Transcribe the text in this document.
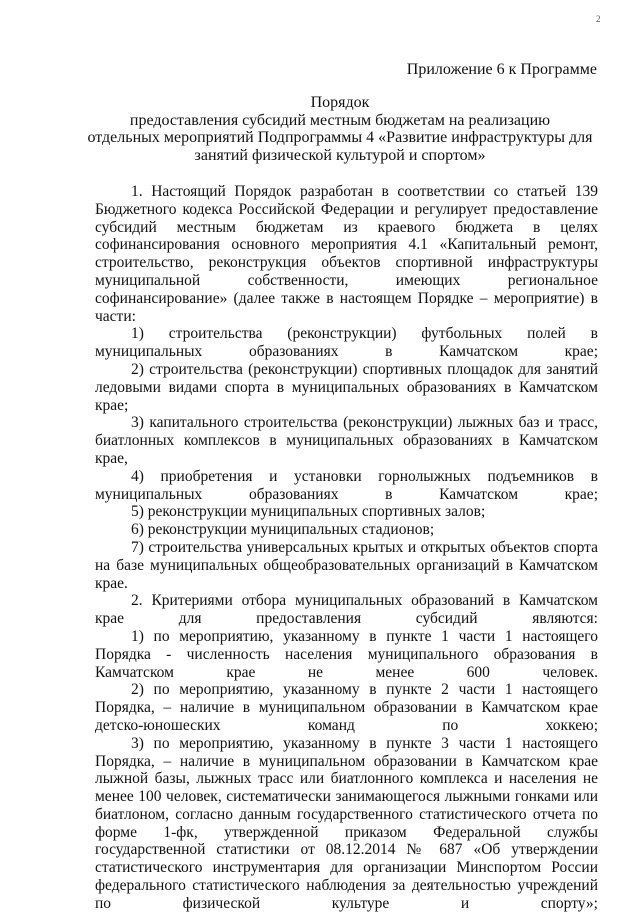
2
Приложение 6 к Программе
Порядок
предоставления субсидий местным бюджетам на реализацию
отдельных мероприятий Подпрограммы 4 «Развитие инфраструктуры для
занятий физической культурой и спортом»

1. Настоящий Порядок разработан в соответствии со статьей 139 Бюджетного кодекса Российской Федерации и регулирует предоставление субсидий местным бюджетам из краевого бюджета в целях софинансирования основного мероприятия 4.1 «Капитальный ремонт, строительство, реконструкция объектов спортивной инфраструктуры муниципальной собственности, имеющих региональное софинансирование» (далее также в настоящем Порядке – мероприятие) в части:

1) строительства (реконструкции) футбольных полей в муниципальных образованиях в Камчатском крае;

2) строительства (реконструкции) спортивных площадок для занятий ледовыми видами спорта в муниципальных образованиях в Камчатском крае;

3) капитального строительства (реконструкции) лыжных баз и трасс, биатлонных комплексов в муниципальных образованиях в Камчатском крае,

4) приобретения и установки горнолыжных подъемников в муниципальных образованиях в Камчатском крае;

5) реконструкции муниципальных спортивных залов;

6) реконструкции муниципальных стадионов;

7) строительства универсальных крытых и открытых объектов спорта на базе муниципальных общеобразовательных организаций в Камчатском крае.

2. Критериями отбора муниципальных образований в Камчатском крае для предоставления субсидий являются:

1) по мероприятию, указанному в пункте 1 части 1 настоящего Порядка - численность населения муниципального образования в Камчатском крае не менее 600 человек.

2) по мероприятию, указанному в пункте 2 части 1 настоящего Порядка, – наличие в муниципальном образовании в Камчатском крае детско-юношеских команд по хоккею;

3) по мероприятию, указанному в пункте 3 части 1 настоящего Порядка, – наличие в муниципальном образовании в Камчатском крае лыжной базы, лыжных трасс или биатлонного комплекса и населения не менее 100 человек, систематически занимающегося лыжными гонками или биатлоном, согласно данным государственного статистического отчета по форме 1-фк, утвержденной приказом Федеральной службы государственной статистики от 08.12.2014 № 687 «Об утверждении статистического инструментария для организации Минспортом России федерального статистического наблюдения за деятельностью учреждений по физической культуре и спорту»;
